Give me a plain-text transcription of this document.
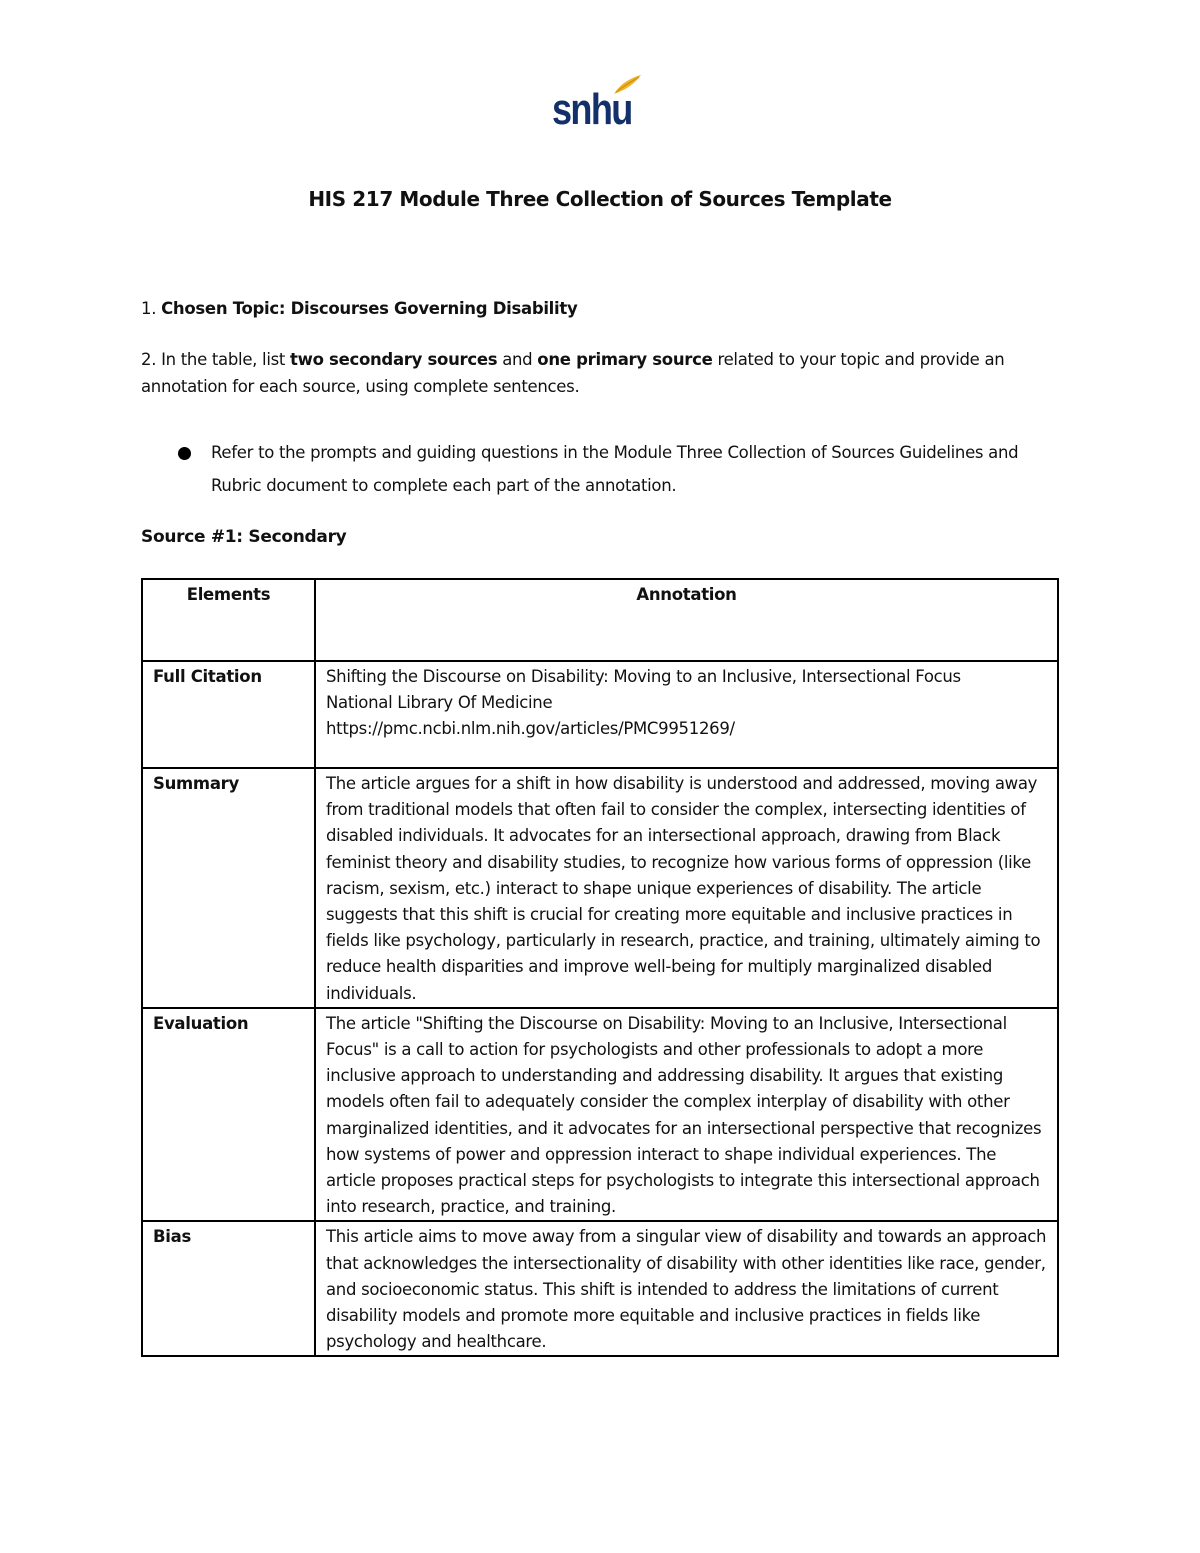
snhu
HIS 217 Module Three Collection of Sources Template
1. Chosen Topic: Discourses Governing Disability
2. In the table, list two secondary sources and one primary source related to your topic and provide an annotation for each source, using complete sentences.
Refer to the prompts and guiding questions in the Module Three Collection of Sources Guidelines and Rubric document to complete each part of the annotation.
Source #1: Secondary
Elements	Annotation
Full Citation	Shifting the Discourse on Disability: Moving to an Inclusive, Intersectional Focus
National Library Of Medicine
https://pmc.ncbi.nlm.nih.gov/articles/PMC9951269/

Summary	The article argues for a shift in how disability is understood and addressed, moving away from traditional models that often fail to consider the complex, intersecting identities of disabled individuals. It advocates for an intersectional approach, drawing from Black feminist theory and disability studies, to recognize how various forms of oppression (like racism, sexism, etc.) interact to shape unique experiences of disability. The article suggests that this shift is crucial for creating more equitable and inclusive practices in fields like psychology, particularly in research, practice, and training, ultimately aiming to reduce health disparities and improve well-being for multiply marginalized disabled individuals.
Evaluation	The article "Shifting the Discourse on Disability: Moving to an Inclusive, Intersectional Focus" is a call to action for psychologists and other professionals to adopt a more inclusive approach to understanding and addressing disability. It argues that existing models often fail to adequately consider the complex interplay of disability with other marginalized identities, and it advocates for an intersectional perspective that recognizes how systems of power and oppression interact to shape individual experiences. The article proposes practical steps for psychologists to integrate this intersectional approach into research, practice, and training.
Bias	This article aims to move away from a singular view of disability and towards an approach that acknowledges the intersectionality of disability with other identities like race, gender, and socioeconomic status. This shift is intended to address the limitations of current disability models and promote more equitable and inclusive practices in fields like psychology and healthcare.
